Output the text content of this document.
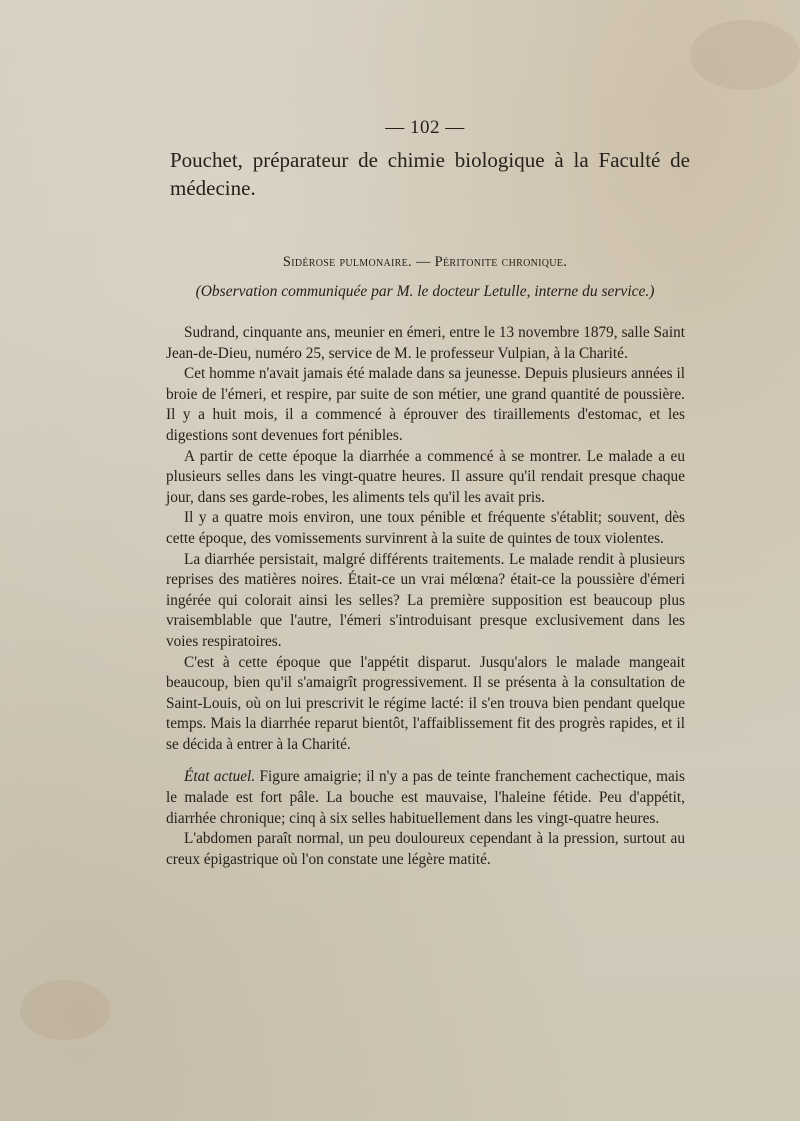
— 102 —

Pouchet, préparateur de chimie biologique à la Faculté de médecine.

Sidérose pulmonaire. — Péritonite chronique.
(Observation communiquée par M. le docteur Letulle, interne du service.)

Sudrand, cinquante ans, meunier en émeri, entre le 13 novembre 1879, salle Saint Jean-de-Dieu, numéro 25, service de M. le professeur Vulpian, à la Charité.

Cet homme n'avait jamais été malade dans sa jeunesse. Depuis plusieurs années il broie de l'émeri, et respire, par suite de son métier, une grand quantité de poussière. Il y a huit mois, il a commencé à éprouver des tiraillements d'estomac, et les digestions sont devenues fort pénibles.

A partir de cette époque la diarrhée a commencé à se montrer. Le malade a eu plusieurs selles dans les vingt-quatre heures. Il assure qu'il rendait presque chaque jour, dans ses garde-robes, les aliments tels qu'il les avait pris.

Il y a quatre mois environ, une toux pénible et fréquente s'établit; souvent, dès cette époque, des vomissements survinrent à la suite de quintes de toux violentes.

La diarrhée persistait, malgré différents traitements. Le malade rendit à plusieurs reprises des matières noires. Était-ce un vrai mélœna? était-ce la poussière d'émeri ingérée qui colorait ainsi les selles? La première supposition est beaucoup plus vraisemblable que l'autre, l'émeri s'introduisant presque exclusivement dans les voies respiratoires.

C'est à cette époque que l'appétit disparut. Jusqu'alors le malade mangeait beaucoup, bien qu'il s'amaigrît progressivement. Il se présenta à la consultation de Saint-Louis, où on lui prescrivit le régime lacté: il s'en trouva bien pendant quelque temps. Mais la diarrhée reparut bientôt, l'affaiblissement fit des progrès rapides, et il se décida à entrer à la Charité.

État actuel. Figure amaigrie; il n'y a pas de teinte franchement cachectique, mais le malade est fort pâle. La bouche est mauvaise, l'haleine fétide. Peu d'appétit, diarrhée chronique; cinq à six selles habituellement dans les vingt-quatre heures.

L'abdomen paraît normal, un peu douloureux cependant à la pression, surtout au creux épigastrique où l'on constate une légère matité.
